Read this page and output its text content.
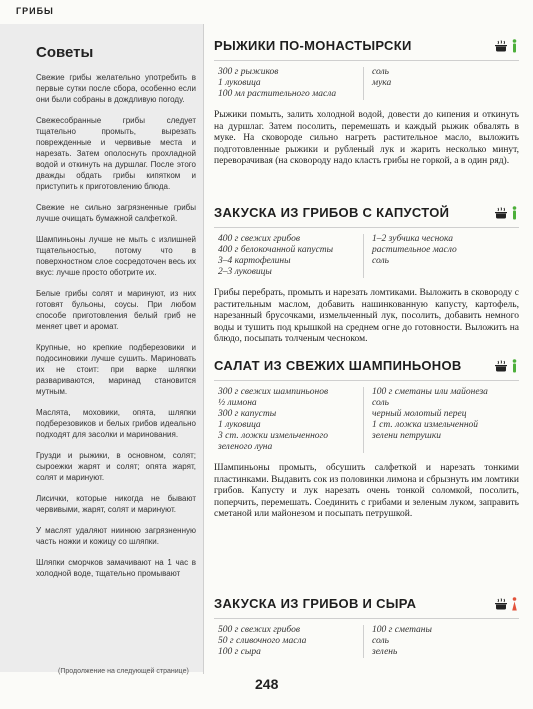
ГРИБЫ
Советы

Свежие грибы желательно употребить в первые сутки после сбора, особенно если они были собраны в дождливую погоду.

Свежесобранные грибы следует тщательно промыть, вырезать поврежденные и червивые места и нарезать. Затем ополоснуть прохладной водой и откинуть на дуршлаг. После этого дважды обдать грибы кипятком и приступить к приготовлению блюда.

Свежие не сильно загрязненные грибы лучше очищать бумажной салфеткой.

Шампиньоны лучше не мыть с излишней тщательностью, потому что в поверхностном слое сосредоточен весь их вкус: лучше просто оботрите их.

Белые грибы солят и маринуют, из них готовят бульоны, соусы. При любом способе приготовления белый гриб не меняет цвет и аромат.

Крупные, но крепкие подберезовики и подосиновики лучше сушить. Мариновать их не стоит: при варке шляпки развариваются, маринад становится мутным.

Маслята, моховики, опята, шляпки подберезовиков и белых грибов идеально подходят для засолки и маринования.

Грузди и рыжики, в основном, солят; сыроежки жарят и солят; опята жарят, солят и маринуют.

Лисички, которые никогда не бывают червивыми, жарят, солят и маринуют.

У маслят удаляют ниинюю загрязненную часть ножки и кожицу со шляпки.

Шляпки сморчков замачивают на 1 час в холодной воде, тщательно промывают

РЫЖИКИ ПО-МОНАСТЫРСКИ
300 г рыжиков
1 луковица
100 мл растительного масла
соль
мука
Рыжики помыть, залить холодной водой, довести до кипения и откинуть на дуршлаг. Затем посолить, перемешать и каждый рыжик обвалять в муке. На сковороде сильно нагреть растительное масло, выложить подготовленные рыжики и рубленый лук и жарить несколько минут, переворачивая (на сковороду надо класть грибы не горкой, а в один ряд).
ЗАКУСКА ИЗ ГРИБОВ С КАПУСТОЙ
400 г свежих грибов
400 г белокочанной капусты
3–4 картофелины
2–3 луковицы
1–2 зубчика чеснока
растительное масло
соль
Грибы перебрать, промыть и нарезать ломтиками. Выложить в сковороду с растительным маслом, добавить нашинкованную капусту, картофель, нарезанный брусочками, измельченный лук, посолить, добавить немного воды и тушить под крышкой на среднем огне до готовности. Выложить на блюдо, посыпать толченым чесноком.
САЛАТ ИЗ СВЕЖИХ ШАМПИНЬОНОВ
300 г свежих шампиньонов
½ лимона
300 г капусты
1 луковица
3 ст. ложки измельченного
зеленого луна
100 г сметаны или майонеза
соль
черный молотый перец
1 ст. ложка измельченной
зелени петрушки
Шампиньоны промыть, обсушить салфеткой и нарезать тонкими пластинками. Выдавить сок из половинки лимона и сбрызнуть им ломтики грибов. Капусту и лук нарезать очень тонкой соломкой, посолить, поперчить, перемешать. Соединить с грибами и зеленым луком, заправить сметаной или майонезом и посыпать петрушкой.
ЗАКУСКА ИЗ ГРИБОВ И СЫРА
500 г свежих грибов
50 г сливочного масла
100 г сыра
100 г сметаны
соль
зелень
(Продолжение на следующей странице)
248
